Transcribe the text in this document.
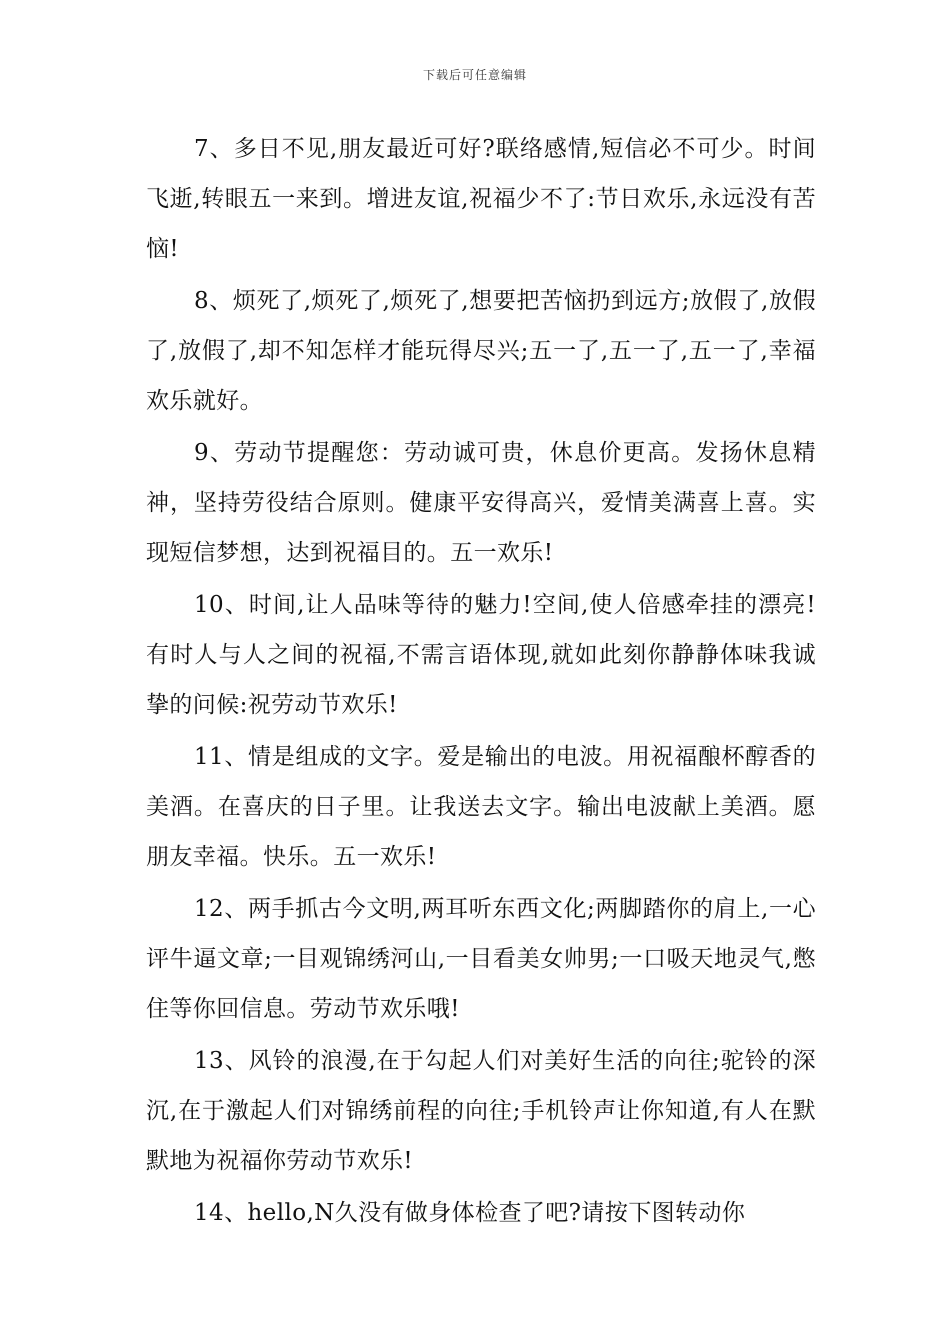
下载后可任意编辑

7、多日不见,朋友最近可好?联络感情,短信必不可少。时间飞逝,转眼五一来到。增进友谊,祝福少不了:节日欢乐,永远没有苦恼!

8、烦死了,烦死了,烦死了,想要把苦恼扔到远方;放假了,放假了,放假了,却不知怎样才能玩得尽兴;五一了,五一了,五一了,幸福欢乐就好。

9、劳动节提醒您：劳动诚可贵，休息价更高。发扬休息精神，坚持劳役结合原则。健康平安得高兴，爱情美满喜上喜。实现短信梦想，达到祝福目的。五一欢乐!

10、时间,让人品味等待的魅力!空间,使人倍感牵挂的漂亮!有时人与人之间的祝福,不需言语体现,就如此刻你静静体味我诚挚的问候:祝劳动节欢乐!

11、情是组成的文字。爱是输出的电波。用祝福酿杯醇香的美酒。在喜庆的日子里。让我送去文字。输出电波献上美酒。愿朋友幸福。快乐。五一欢乐!

12、两手抓古今文明,两耳听东西文化;两脚踏你的肩上,一心评牛逼文章;一目观锦绣河山,一目看美女帅男;一口吸天地灵气,憋住等你回信息。劳动节欢乐哦!

13、风铃的浪漫,在于勾起人们对美好生活的向往;驼铃的深沉,在于激起人们对锦绣前程的向往;手机铃声让你知道,有人在默默地为祝福你劳动节欢乐!

14、hello,N久没有做身体检查了吧?请按下图转动你
